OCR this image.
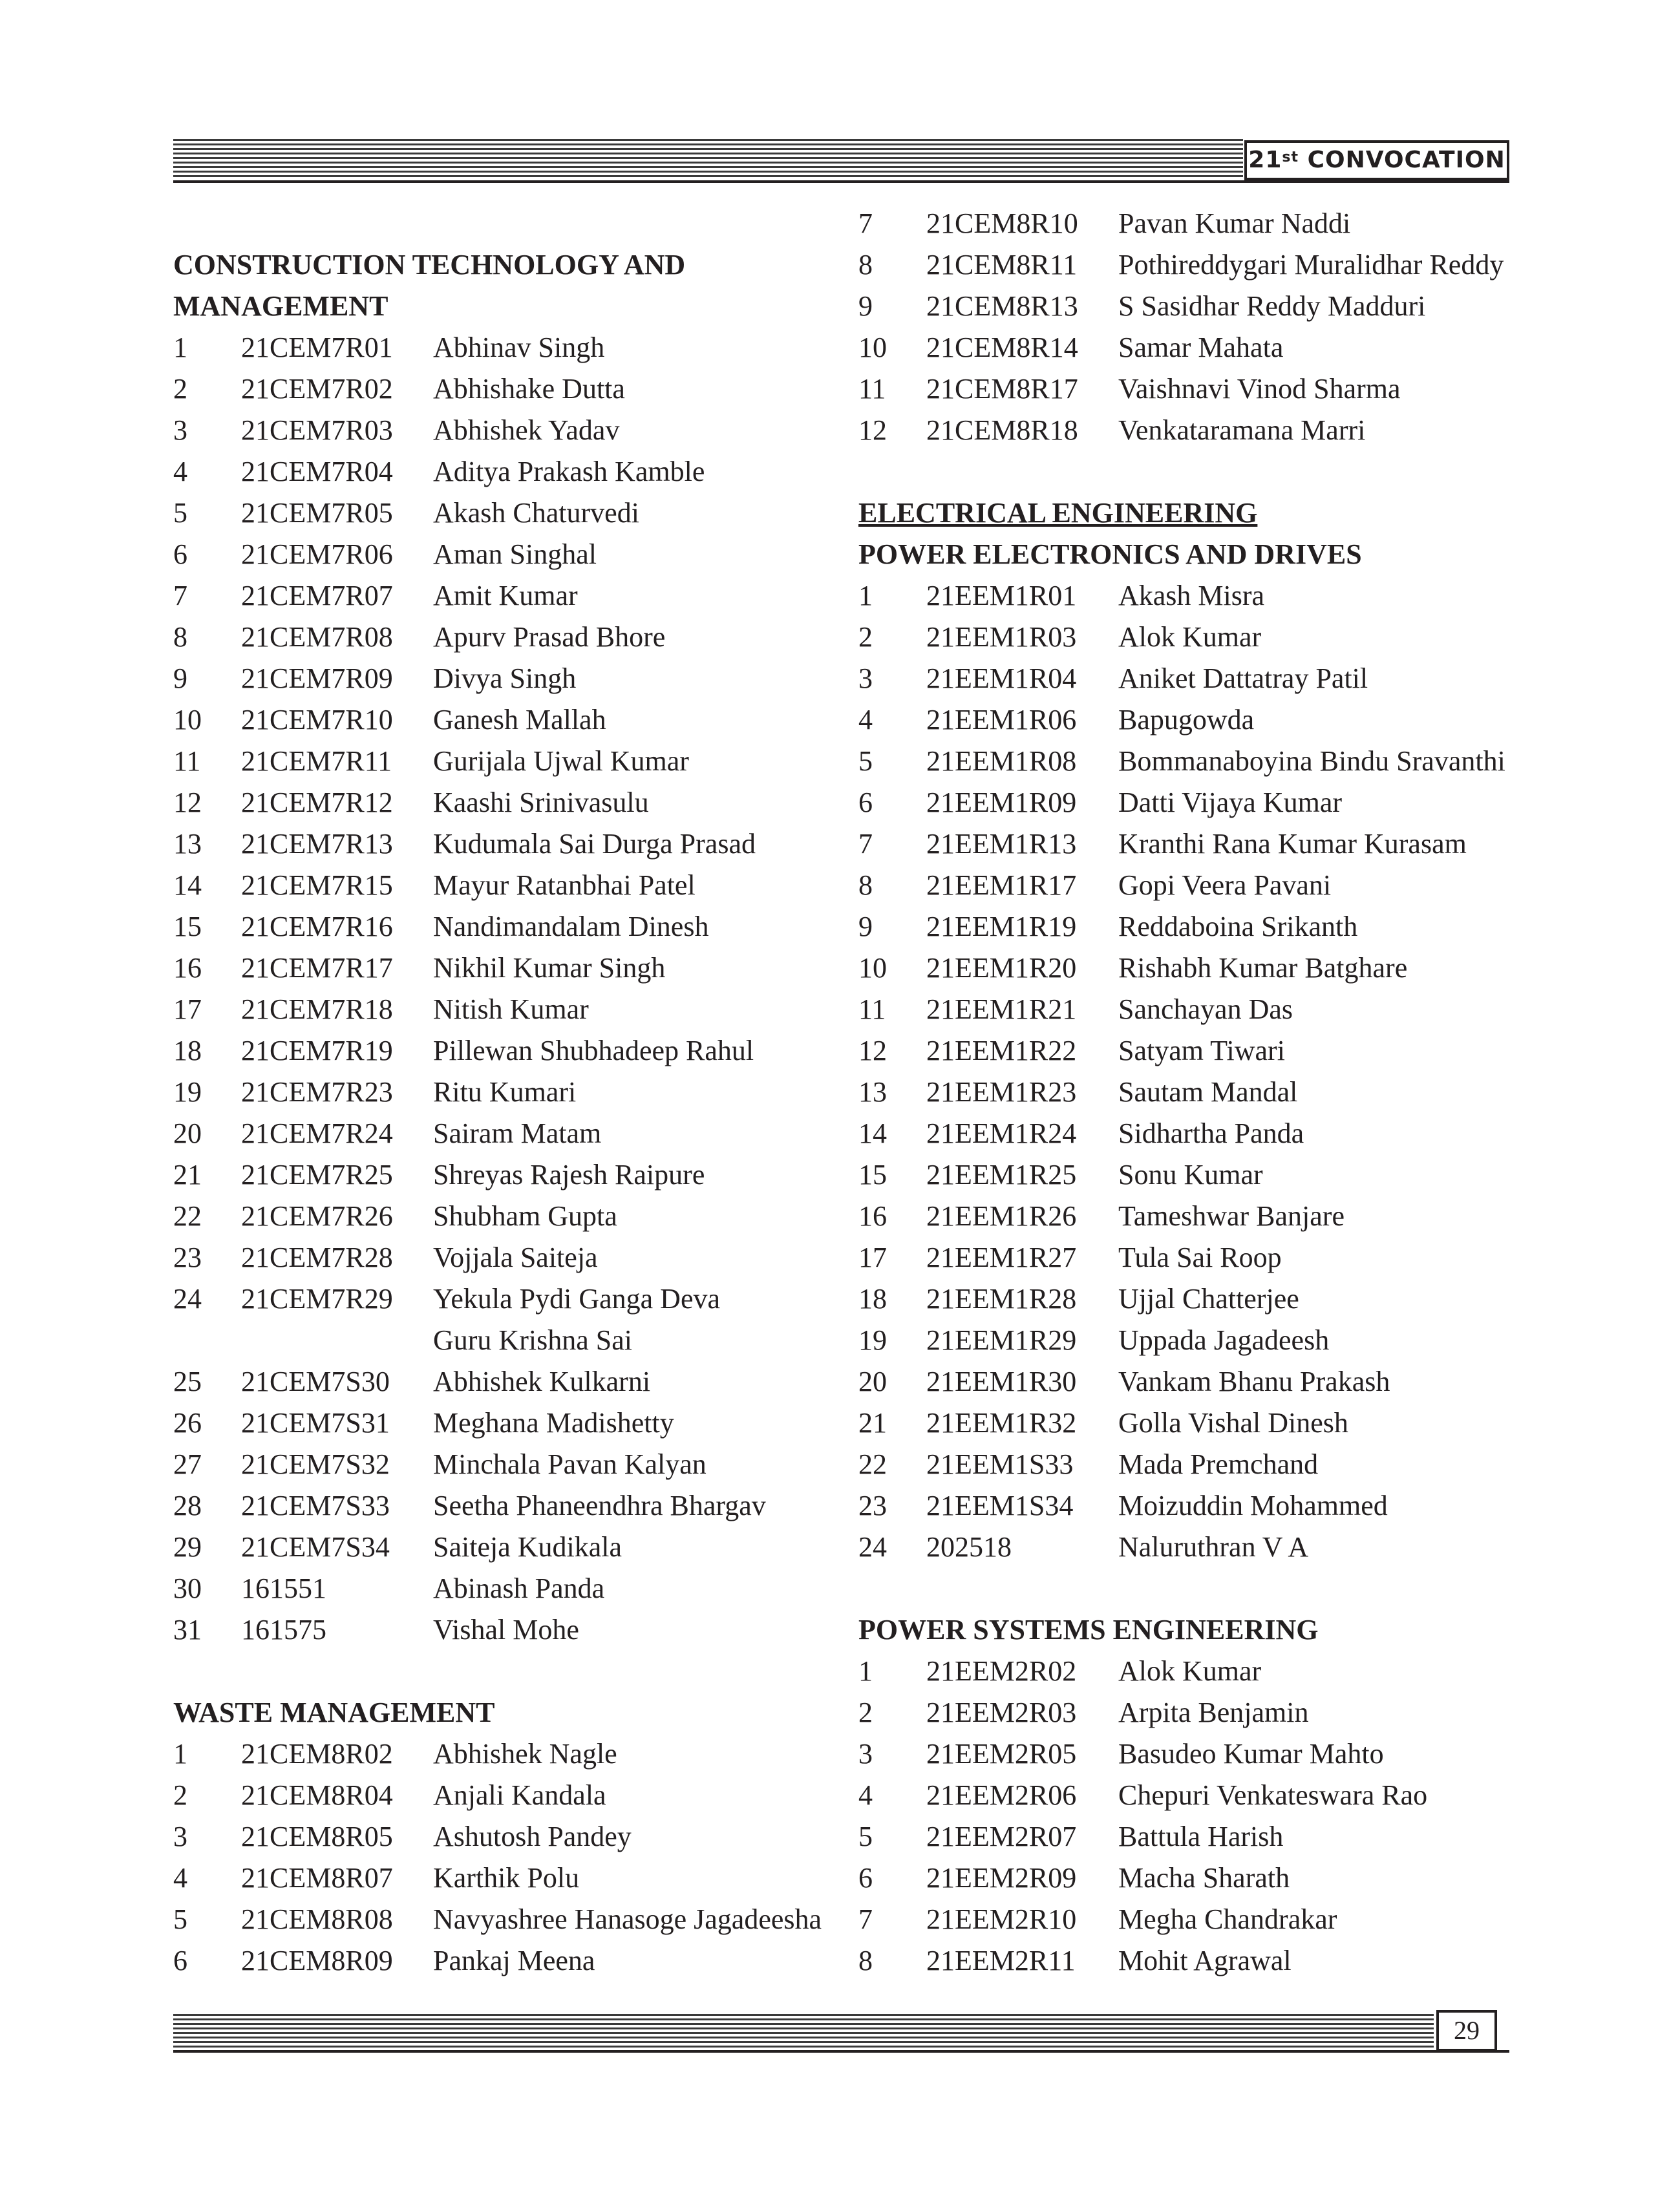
21st CONVOCATION
CONSTRUCTION TECHNOLOGY AND
MANAGEMENT
1 21CEM7R01 Abhinav Singh
2 21CEM7R02 Abhishake Dutta
3 21CEM7R03 Abhishek Yadav
4 21CEM7R04 Aditya Prakash Kamble
5 21CEM7R05 Akash Chaturvedi
6 21CEM7R06 Aman Singhal
7 21CEM7R07 Amit Kumar
8 21CEM7R08 Apurv Prasad Bhore
9 21CEM7R09 Divya Singh
10 21CEM7R10 Ganesh Mallah
11 21CEM7R11 Gurijala Ujwal Kumar
12 21CEM7R12 Kaashi Srinivasulu
13 21CEM7R13 Kudumala Sai Durga Prasad
14 21CEM7R15 Mayur Ratanbhai Patel
15 21CEM7R16 Nandimandalam Dinesh
16 21CEM7R17 Nikhil Kumar Singh
17 21CEM7R18 Nitish Kumar
18 21CEM7R19 Pillewan Shubhadeep Rahul
19 21CEM7R23 Ritu Kumari
20 21CEM7R24 Sairam Matam
21 21CEM7R25 Shreyas Rajesh Raipure
22 21CEM7R26 Shubham Gupta
23 21CEM7R28 Vojjala Saiteja
24 21CEM7R29 Yekula Pydi Ganga Deva
Guru Krishna Sai
25 21CEM7S30 Abhishek Kulkarni
26 21CEM7S31 Meghana Madishetty
27 21CEM7S32 Minchala Pavan Kalyan
28 21CEM7S33 Seetha Phaneendhra Bhargav
29 21CEM7S34 Saiteja Kudikala
30 161551	Abinash Panda
31 161575	Vishal Mohe
WASTE MANAGEMENT
1 21CEM8R02 Abhishek Nagle
2 21CEM8R04 Anjali Kandala
3 21CEM8R05 Ashutosh Pandey
4 21CEM8R07 Karthik Polu
5 21CEM8R08 Navyashree Hanasoge Jagadeesha
6 21CEM8R09 Pankaj Meena
7 21CEM8R10 Pavan Kumar Naddi
8 21CEM8R11 Pothireddygari Muralidhar Reddy
9 21CEM8R13 S Sasidhar Reddy Madduri
10 21CEM8R14 Samar Mahata
11 21CEM8R17 Vaishnavi Vinod Sharma
12 21CEM8R18 Venkataramana Marri
ELECTRICAL ENGINEERING
POWER ELECTRONICS AND DRIVES
1 21EEM1R01 Akash Misra
2 21EEM1R03 Alok Kumar
3 21EEM1R04 Aniket Dattatray Patil
4 21EEM1R06 Bapugowda
5 21EEM1R08 Bommanaboyina Bindu Sravanthi
6 21EEM1R09 Datti Vijaya Kumar
7 21EEM1R13 Kranthi Rana Kumar Kurasam
8 21EEM1R17 Gopi Veera Pavani
9 21EEM1R19 Reddaboina Srikanth
10 21EEM1R20 Rishabh Kumar Batghare
11 21EEM1R21 Sanchayan Das
12 21EEM1R22 Satyam Tiwari
13 21EEM1R23 Sautam Mandal
14 21EEM1R24 Sidhartha Panda
15 21EEM1R25 Sonu Kumar
16 21EEM1R26 Tameshwar Banjare
17 21EEM1R27 Tula Sai Roop
18 21EEM1R28 Ujjal Chatterjee
19 21EEM1R29 Uppada Jagadeesh
20 21EEM1R30 Vankam Bhanu Prakash
21 21EEM1R32 Golla Vishal Dinesh
22 21EEM1S33 Mada Premchand
23 21EEM1S34 Moizuddin Mohammed
24 202518	Naluruthran V A
POWER SYSTEMS ENGINEERING
1 21EEM2R02 Alok Kumar
2 21EEM2R03 Arpita Benjamin
3 21EEM2R05 Basudeo Kumar Mahto
4 21EEM2R06 Chepuri Venkateswara Rao
5 21EEM2R07 Battula Harish
6 21EEM2R09 Macha Sharath
7 21EEM2R10 Megha Chandrakar
8 21EEM2R11 Mohit Agrawal
29
